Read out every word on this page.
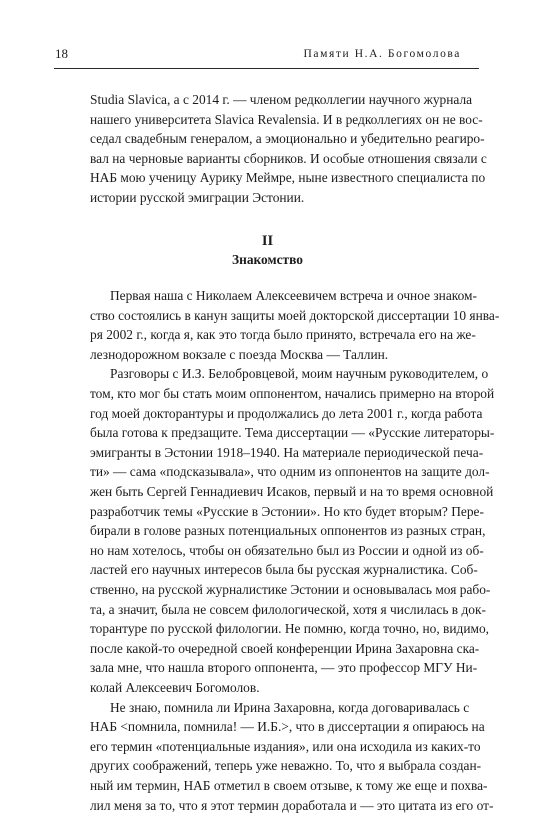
18	Памяти Н.А. Богомолова
Studia Slavica, а с 2014 г. — членом редколлегии научного журнала
нашего университета Slavica Revalensia. И в редколлегиях он не вос-
седал свадебным генералом, а эмоционально и убедительно реагиро-
вал на черновые варианты сборников. И особые отношения связали с
НАБ мою ученицу Аурику Меймре, ныне известного специалиста по
истории русской эмиграции Эстонии.
II
Знакомство
Первая наша с Николаем Алексеевичем встреча и очное знаком-
ство состоялись в канун защиты моей докторской диссертации 10 янва-
ря 2002 г., когда я, как это тогда было принято, встречала его на же-
лезнодорожном вокзале с поезда Москва — Таллин.
Разговоры с И.З. Белобровцевой, моим научным руководителем, о
том, кто мог бы стать моим оппонентом, начались примерно на второй
год моей докторантуры и продолжались до лета 2001 г., когда работа
была готова к предзащите. Тема диссертации — «Русские литераторы-
эмигранты в Эстонии 1918–1940. На материале периодической печа-
ти» — сама «подсказывала», что одним из оппонентов на защите дол-
жен быть Сергей Геннадиевич Исаков, первый и на то время основной
разработчик темы «Русские в Эстонии». Но кто будет вторым? Пере-
бирали в голове разных потенциальных оппонентов из разных стран,
но нам хотелось, чтобы он обязательно был из России и одной из об-
ластей его научных интересов была бы русская журналистика. Соб-
ственно, на русской журналистике Эстонии и основывалась моя рабо-
та, а значит, была не совсем филологической, хотя я числилась в док-
торантуре по русской филологии. Не помню, когда точно, но, видимо,
после какой-то очередной своей конференции Ирина Захаровна ска-
зала мне, что нашла второго оппонента, — это профессор МГУ Ни-
колай Алексеевич Богомолов.
Не знаю, помнила ли Ирина Захаровна, когда договаривалась с
НАБ <помнила, помнила! — И.Б.>, что в диссертации я опираюсь на
его термин «потенциальные издания», или она исходила из каких-то
других соображений, теперь уже неважно. То, что я выбрала создан-
ный им термин, НАБ отметил в своем отзыве, к тому же еще и похва-
лил меня за то, что я этот термин доработала и — это цитата из его от-
